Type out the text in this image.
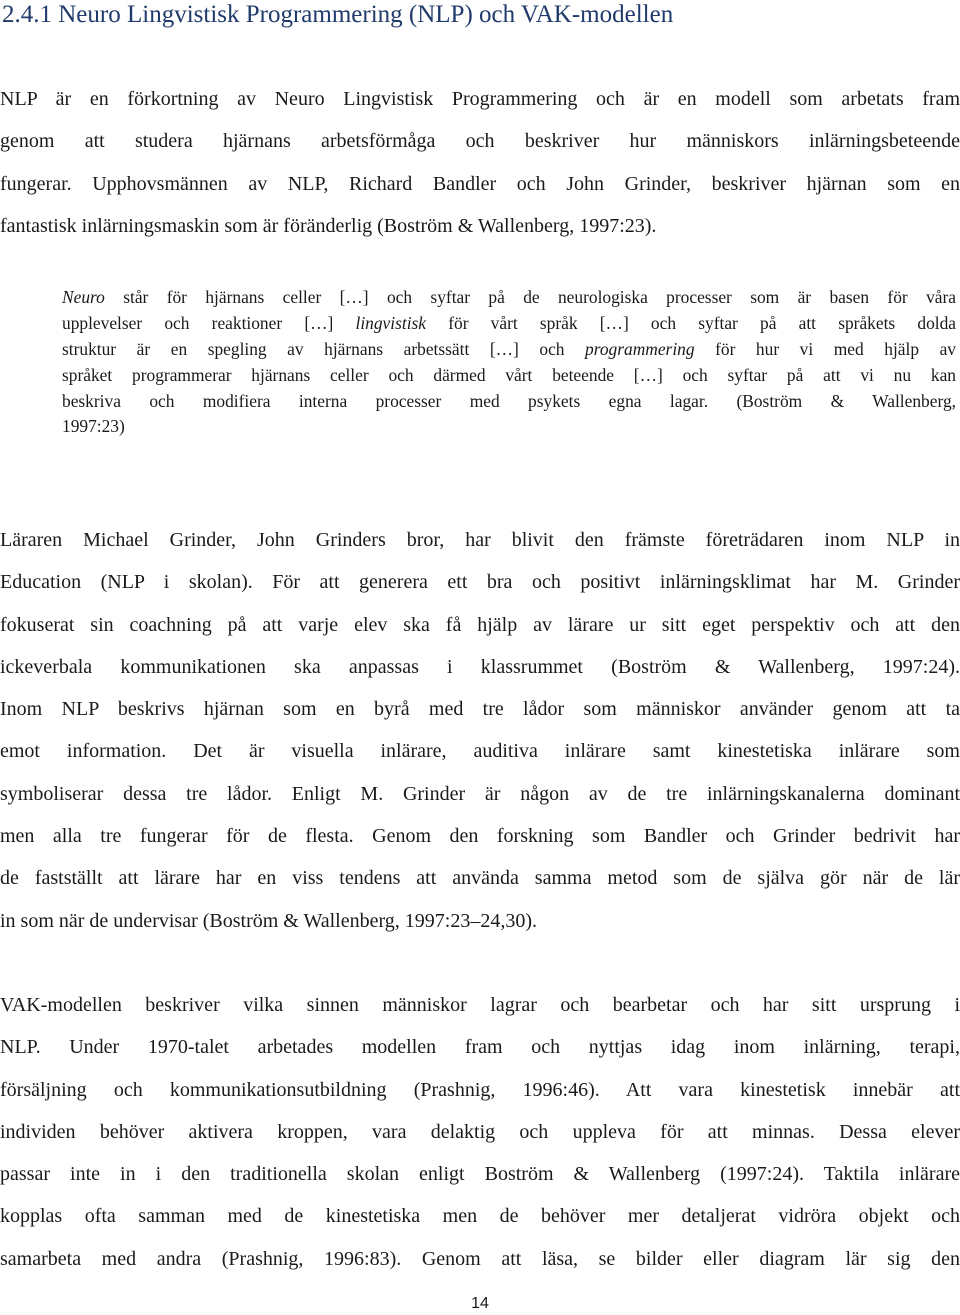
2.4.1 Neuro Lingvistisk Programmering (NLP) och VAK-modellen
NLP är en förkortning av Neuro Lingvistisk Programmering och är en modell som arbetats fram
genom att studera hjärnans arbetsförmåga och beskriver hur människors inlärningsbeteende
fungerar. Upphovsmännen av NLP, Richard Bandler och John Grinder, beskriver hjärnan som en
fantastisk inlärningsmaskin som är föränderlig (Boström & Wallenberg, 1997:23).
Neuro står för hjärnans celler […] och syftar på de neurologiska processer som är basen för våra
upplevelser och reaktioner […] lingvistisk för vårt språk […] och syftar på att språkets dolda
struktur är en spegling av hjärnans arbetssätt […] och programmering för hur vi med hjälp av
språket programmerar hjärnans celler och därmed vårt beteende […] och syftar på att vi nu kan
beskriva och modifiera interna processer med psykets egna lagar. (Boström & Wallenberg,
1997:23)
Läraren Michael Grinder, John Grinders bror, har blivit den främste företrädaren inom NLP in
Education (NLP i skolan). För att generera ett bra och positivt inlärningsklimat har M. Grinder
fokuserat sin coachning på att varje elev ska få hjälp av lärare ur sitt eget perspektiv och att den
ickeverbala kommunikationen ska anpassas i klassrummet (Boström & Wallenberg, 1997:24).
Inom NLP beskrivs hjärnan som en byrå med tre lådor som människor använder genom att ta
emot information. Det är visuella inlärare, auditiva inlärare samt kinestetiska inlärare som
symboliserar dessa tre lådor. Enligt M. Grinder är någon av de tre inlärningskanalerna dominant
men alla tre fungerar för de flesta. Genom den forskning som Bandler och Grinder bedrivit har
de fastställt att lärare har en viss tendens att använda samma metod som de själva gör när de lär
in som när de undervisar (Boström & Wallenberg, 1997:23–24,30).
VAK-modellen beskriver vilka sinnen människor lagrar och bearbetar och har sitt ursprung i
NLP. Under 1970-talet arbetades modellen fram och nyttjas idag inom inlärning, terapi,
försäljning och kommunikationsutbildning (Prashnig, 1996:46). Att vara kinestetisk innebär att
individen behöver aktivera kroppen, vara delaktig och uppleva för att minnas. Dessa elever
passar inte in i den traditionella skolan enligt Boström & Wallenberg (1997:24). Taktila inlärare
kopplas ofta samman med de kinestetiska men de behöver mer detaljerat vidröra objekt och
samarbeta med andra (Prashnig, 1996:83). Genom att läsa, se bilder eller diagram lär sig den
14
